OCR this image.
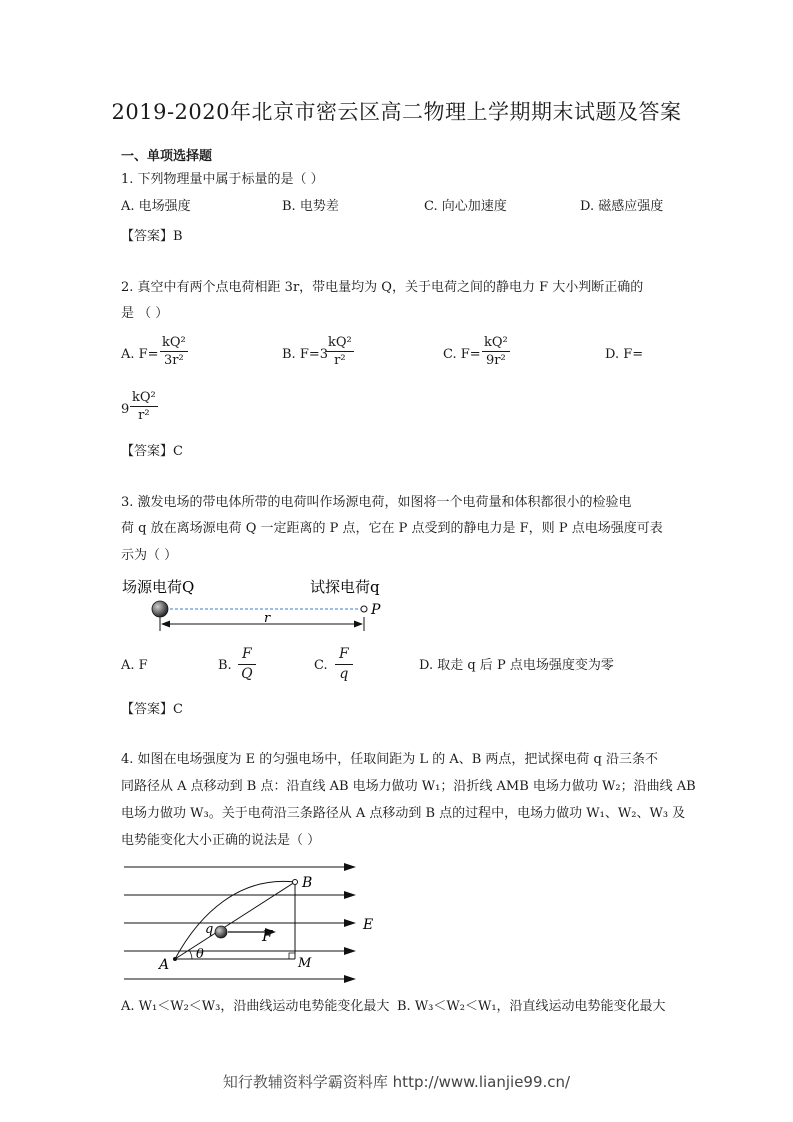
2019-2020年北京市密云区高二物理上学期期末试题及答案
一、单项选择题
1. 下列物理量中属于标量的是（ ）
A. 电场强度	B. 电势差	C. 向心加速度	D. 磁感应强度
【答案】B
2. 真空中有两个点电荷相距 3r，带电量均为 Q，关于电荷之间的静电力 F 大小判断正确的
是 （ ）
A. $F= \frac{\text{kQ²}}{\text{3r²}}$	B. F=3
$\frac{\text{kQ²}}{\text{r²}}$	C. $F= \frac{\text{kQ²}}{\text{9r²}}$	D. F=
$9 \frac{\text{kQ²}}{\text{r²}}$
【答案】C
3. 激发电场的带电体所带的电荷叫作场源电荷，如图将一个电荷量和体积都很小的检验电
荷 q 放在离场源电荷 Q 一定距离的 P 点，它在 P 点受到的静电力是 F，则 P 点电场强度可表
示为（ ）
场源电荷Q	试探电荷q
P
r
A. F	B. $\frac{F}{Q}$	C. $\frac{F}{q}$	D. 取走 q 后 P 点电场强度变为零
【答案】C
4. 如图在电场强度为 E 的匀强电场中，任取间距为 L 的 A、B 两点，把试探电荷 q 沿三条不
同路径从 A 点移动到 B 点：沿直线 AB 电场力做功 W₁；沿折线 AMB 电场力做功 W₂；沿曲线 AB
电场力做功 W₃。关于电荷沿三条路径从 A 点移动到 B 点的过程中，电场力做功 W₁、W₂、W₃ 及
电势能变化大小正确的说法是（ ）
B
E
q	F
A
θ
M
A. W₁＜W₂＜W₃，沿曲线运动电势能变化最大 B. W₃＜W₂＜W₁，沿直线运动电势能变化最大
知行教辅资料学霸资料库 http://www.lianjie99.cn/
